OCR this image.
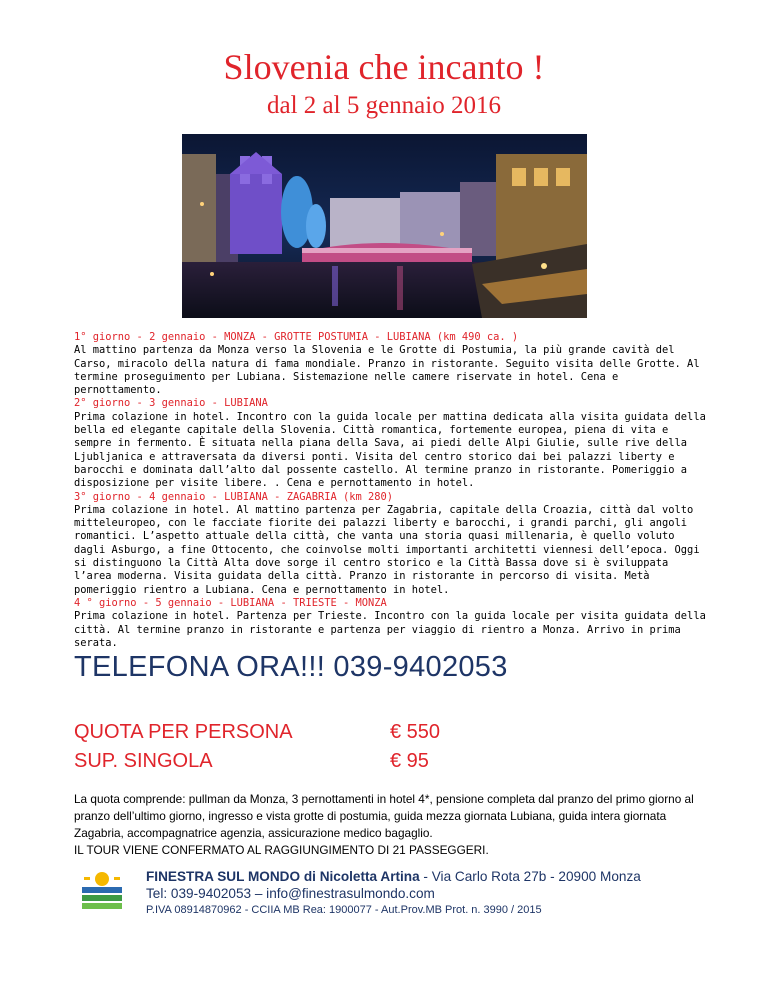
Slovenia che incanto !
dal 2 al 5 gennaio 2016

1° giorno - 2 gennaio - MONZA - GROTTE POSTUMIA - LUBIANA (km 490 ca. )

Al mattino partenza da Monza verso la Slovenia e le Grotte di Postumia, la più grande cavità del Carso, miracolo della natura di fama mondiale. Pranzo in ristorante. Seguito visita delle Grotte. Al termine proseguimento per Lubiana. Sistemazione nelle camere riservate in hotel. Cena e pernottamento.

2° giorno - 3 gennaio - LUBIANA

Prima colazione in hotel. Incontro con la guida locale per mattina dedicata alla visita guidata della bella ed elegante capitale della Slovenia. Città romantica, fortemente europea, piena di vita e sempre in fermento. È situata nella piana della Sava, ai piedi delle Alpi Giulie, sulle rive della Ljubljanica e attraversata da diversi ponti. Visita del centro storico dai bei palazzi liberty e barocchi e dominata dall’alto dal possente castello. Al termine pranzo in ristorante. Pomeriggio a disposizione per visite libere. . Cena e pernottamento in hotel.

3° giorno - 4 gennaio - LUBIANA - ZAGABRIA (km 280)

Prima colazione in hotel. Al mattino partenza per Zagabria, capitale della Croazia, città dal volto mitteleuropeo, con le facciate fiorite dei palazzi liberty e barocchi, i grandi parchi, gli angoli romantici. L’aspetto attuale della città, che vanta una storia quasi millenaria, è quello voluto dagli Asburgo, a fine Ottocento, che coinvolse molti importanti architetti viennesi dell’epoca. Oggi si distinguono la Città Alta dove sorge il centro storico e la Città Bassa dove si è sviluppata l’area moderna. Visita guidata della città. Pranzo in ristorante in percorso di visita. Metà pomeriggio rientro a Lubiana. Cena e pernottamento in hotel.

4 ° giorno - 5 gennaio - LUBIANA - TRIESTE - MONZA

Prima colazione in hotel. Partenza per Trieste. Incontro con la guida locale per visita guidata della città. Al termine pranzo in ristorante e partenza per viaggio di rientro a Monza. Arrivo in prima serata.

TELEFONA ORA!!! 039-9402053
QUOTA PER PERSONA	€ 550
SUP. SINGOLA	€ 95

La quota comprende: pullman da Monza, 3 pernottamenti in hotel 4*, pensione completa dal pranzo del primo giorno al pranzo dell’ultimo giorno, ingresso e vista grotte di postumia, guida mezza giornata Lubiana, guida intera giornata Zagabria, accompagnatrice agenzia, assicurazione medico bagaglio.

IL TOUR VIENE CONFERMATO AL RAGGIUNGIMENTO DI 21 PASSEGGERI.

FINESTRA SUL MONDO di Nicoletta Artina - Via Carlo Rota 27b - 20900 Monza
Tel: 039-9402053 – info@finestrasulmondo.com
P.IVA 08914870962 - CCIIA MB Rea: 1900077 - Aut.Prov.MB Prot. n. 3990 / 2015
